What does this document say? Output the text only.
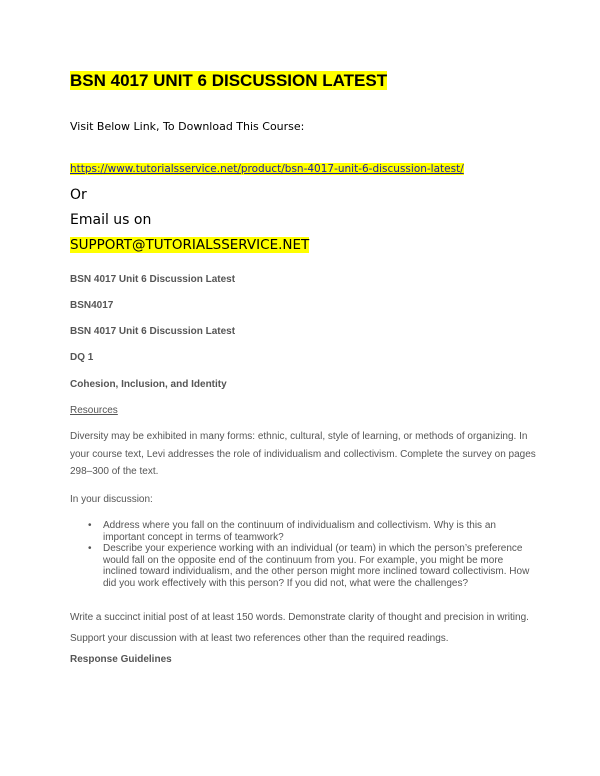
BSN 4017 UNIT 6 DISCUSSION LATEST
Visit Below Link, To Download This Course:
https://www.tutorialsservice.net/product/bsn-4017-unit-6-discussion-latest/
Or
Email us on
SUPPORT@TUTORIALSSERVICE.NET
BSN 4017 Unit 6 Discussion Latest
BSN4017
BSN 4017 Unit 6 Discussion Latest
DQ 1
Cohesion, Inclusion, and Identity
Resources

Diversity may be exhibited in many forms: ethnic, cultural, style of learning, or methods of organizing. In your course text, Levi addresses the role of individualism and collectivism. Complete the survey on pages 298–300 of the text.

In your discussion:

• Address where you fall on the continuum of individualism and collectivism. Why is this an important concept in terms of teamwork?
• Describe your experience working with an individual (or team) in which the person’s preference would fall on the opposite end of the continuum from you. For example, you might be more inclined toward individualism, and the other person might more inclined toward collectivism. How did you work effectively with this person? If you did not, what were the challenges?

Write a succinct initial post of at least 150 words. Demonstrate clarity of thought and precision in writing. Support your discussion with at least two references other than the required readings.

Response Guidelines
